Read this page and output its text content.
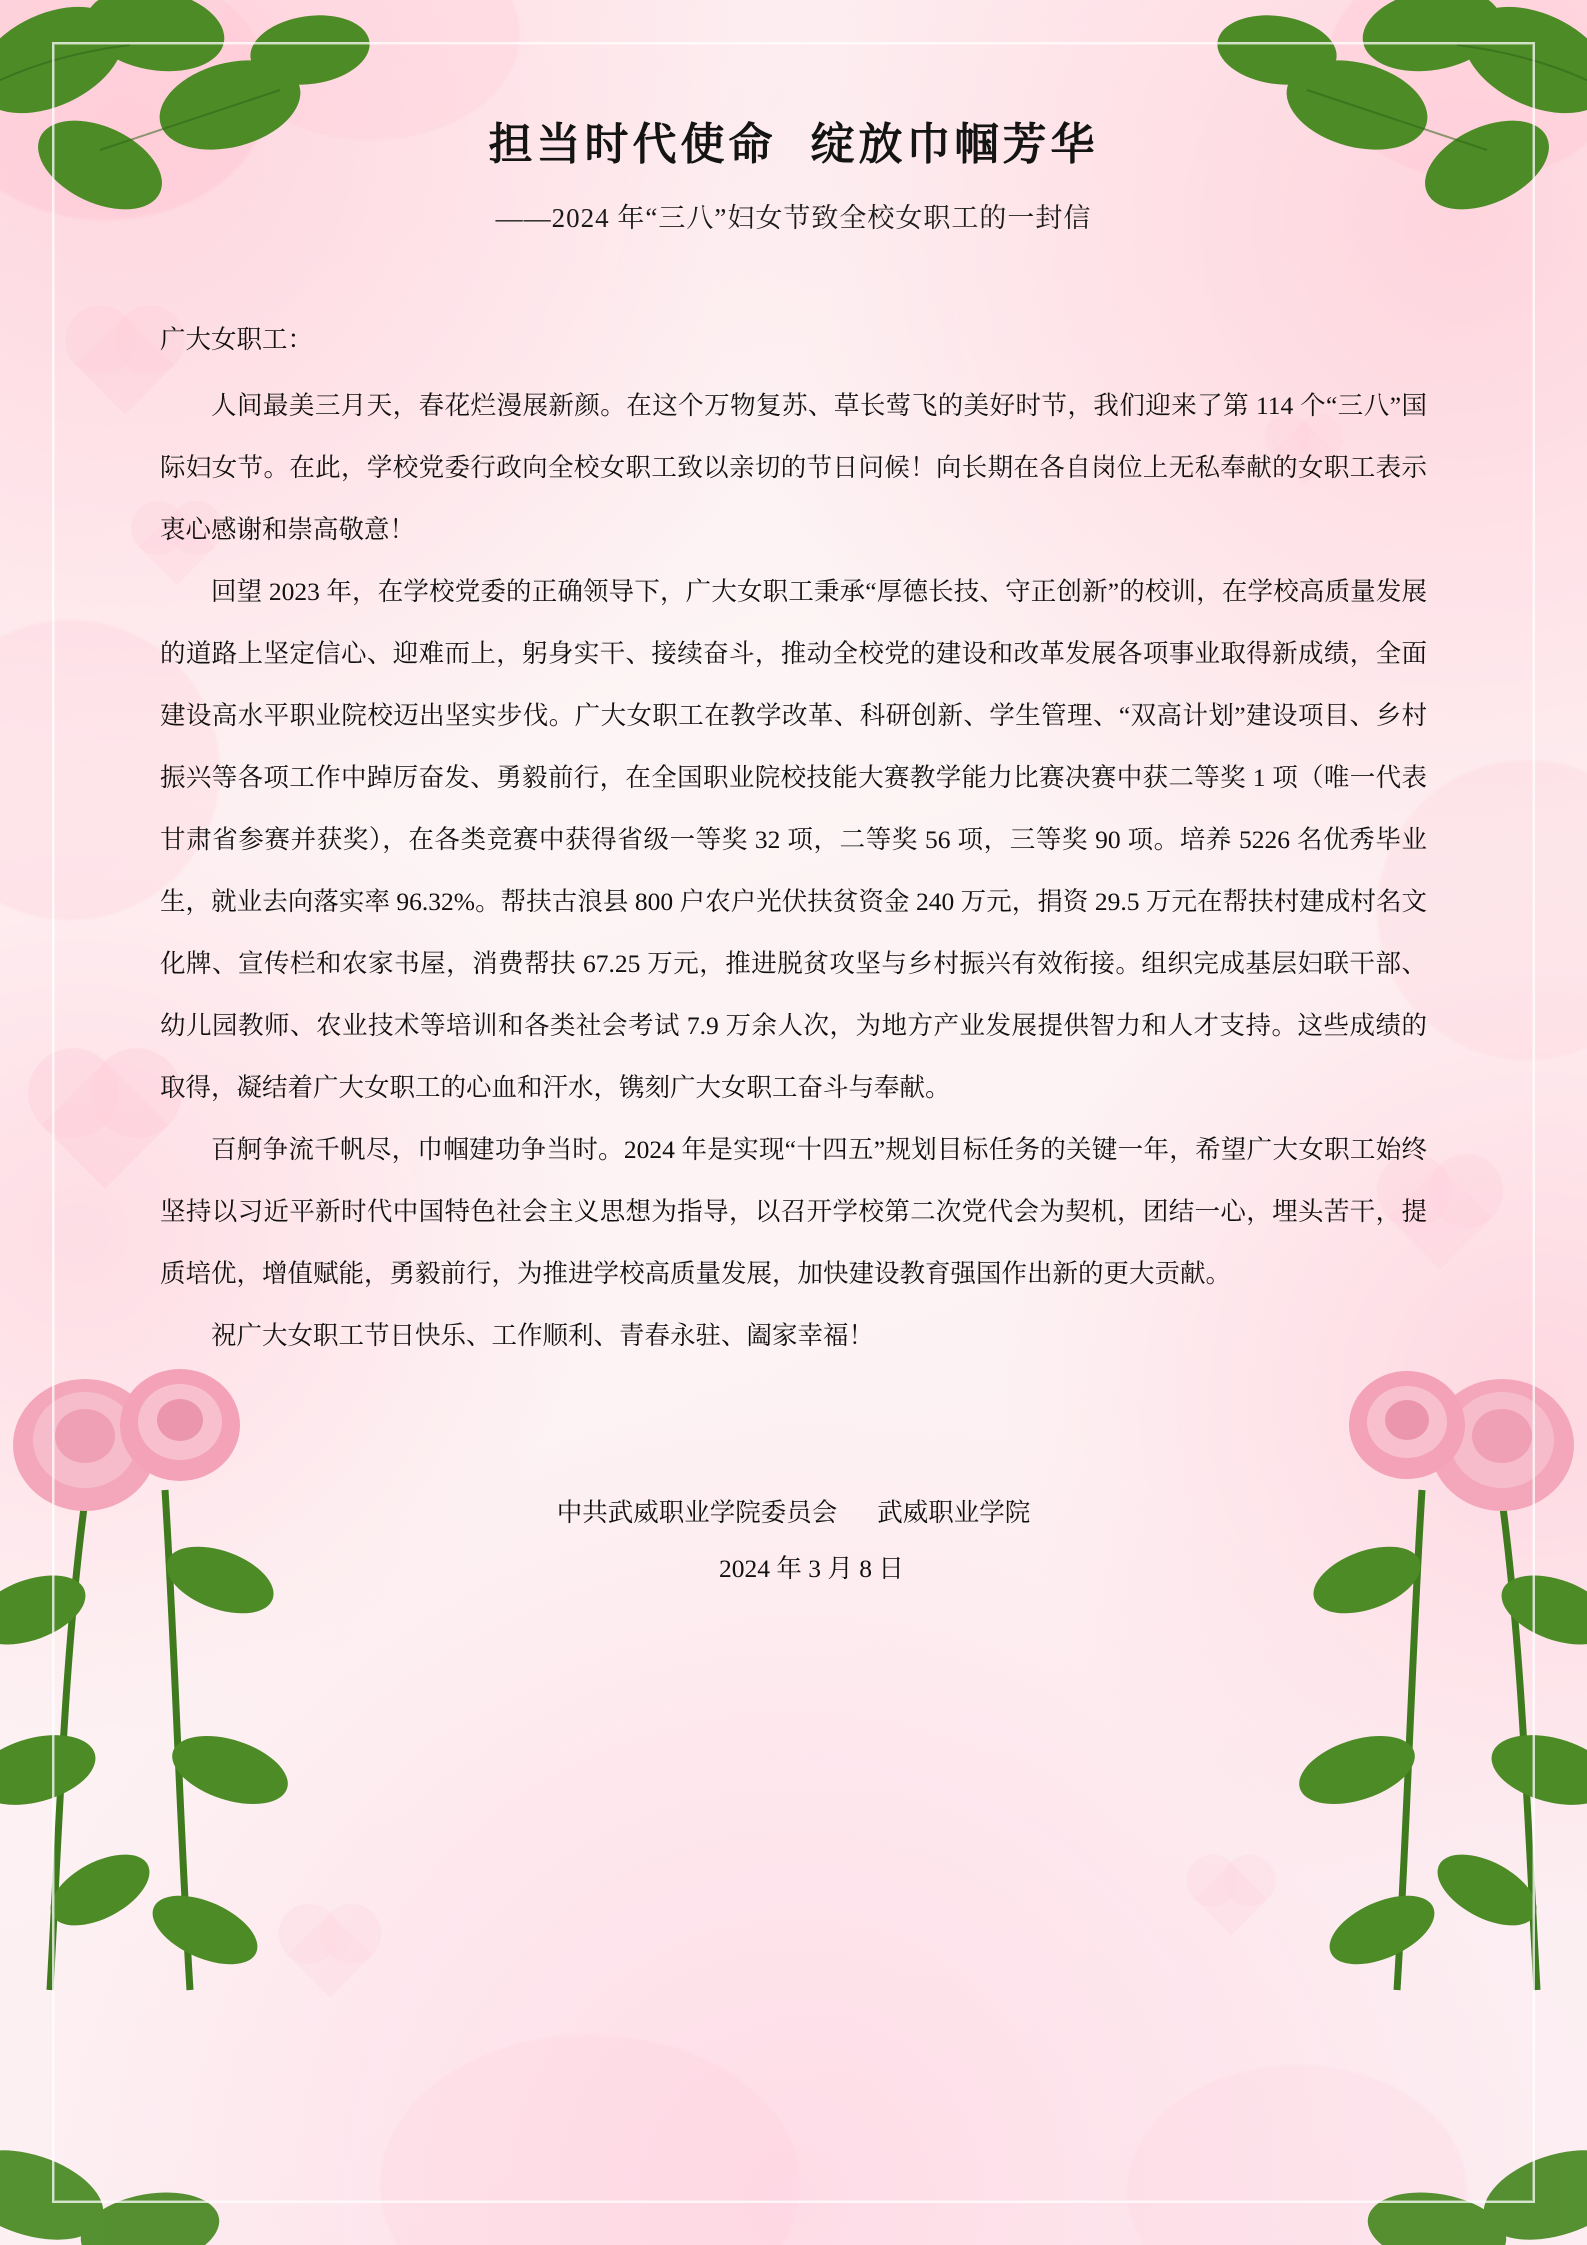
担当时代使命 绽放巾帼芳华
——2024 年“三八”妇女节致全校女职工的一封信
广大女职工：

人间最美三月天，春花烂漫展新颜。在这个万物复苏、草长莺飞的美好时节，我们迎来了第 114 个“三八”国际妇女节。在此，学校党委行政向全校女职工致以亲切的节日问候！向长期在各自岗位上无私奉献的女职工表示衷心感谢和崇高敬意！

回望 2023 年，在学校党委的正确领导下，广大女职工秉承“厚德长技、守正创新”的校训，在学校高质量发展的道路上坚定信心、迎难而上，躬身实干、接续奋斗，推动全校党的建设和改革发展各项事业取得新成绩，全面建设高水平职业院校迈出坚实步伐。广大女职工在教学改革、科研创新、学生管理、“双高计划”建设项目、乡村振兴等各项工作中踔厉奋发、勇毅前行，在全国职业院校技能大赛教学能力比赛决赛中获二等奖 1 项（唯一代表甘肃省参赛并获奖），在各类竞赛中获得省级一等奖 32 项，二等奖 56 项，三等奖 90 项。培养 5226 名优秀毕业生，就业去向落实率 96.32%。帮扶古浪县 800 户农户光伏扶贫资金 240 万元，捐资 29.5 万元在帮扶村建成村名文化牌、宣传栏和农家书屋，消费帮扶 67.25 万元，推进脱贫攻坚与乡村振兴有效衔接。组织完成基层妇联干部、幼儿园教师、农业技术等培训和各类社会考试 7.9 万余人次，为地方产业发展提供智力和人才支持。这些成绩的取得，凝结着广大女职工的心血和汗水，镌刻广大女职工奋斗与奉献。

百舸争流千帆尽，巾帼建功争当时。2024 年是实现“十四五”规划目标任务的关键一年，希望广大女职工始终坚持以习近平新时代中国特色社会主义思想为指导，以召开学校第二次党代会为契机，团结一心，埋头苦干，提质培优，增值赋能，勇毅前行，为推进学校高质量发展，加快建设教育强国作出新的更大贡献。

祝广大女职工节日快乐、工作顺利、青春永驻、阖家幸福！

中共武威职业学院委员会 武威职业学院
2024 年 3 月 8 日
